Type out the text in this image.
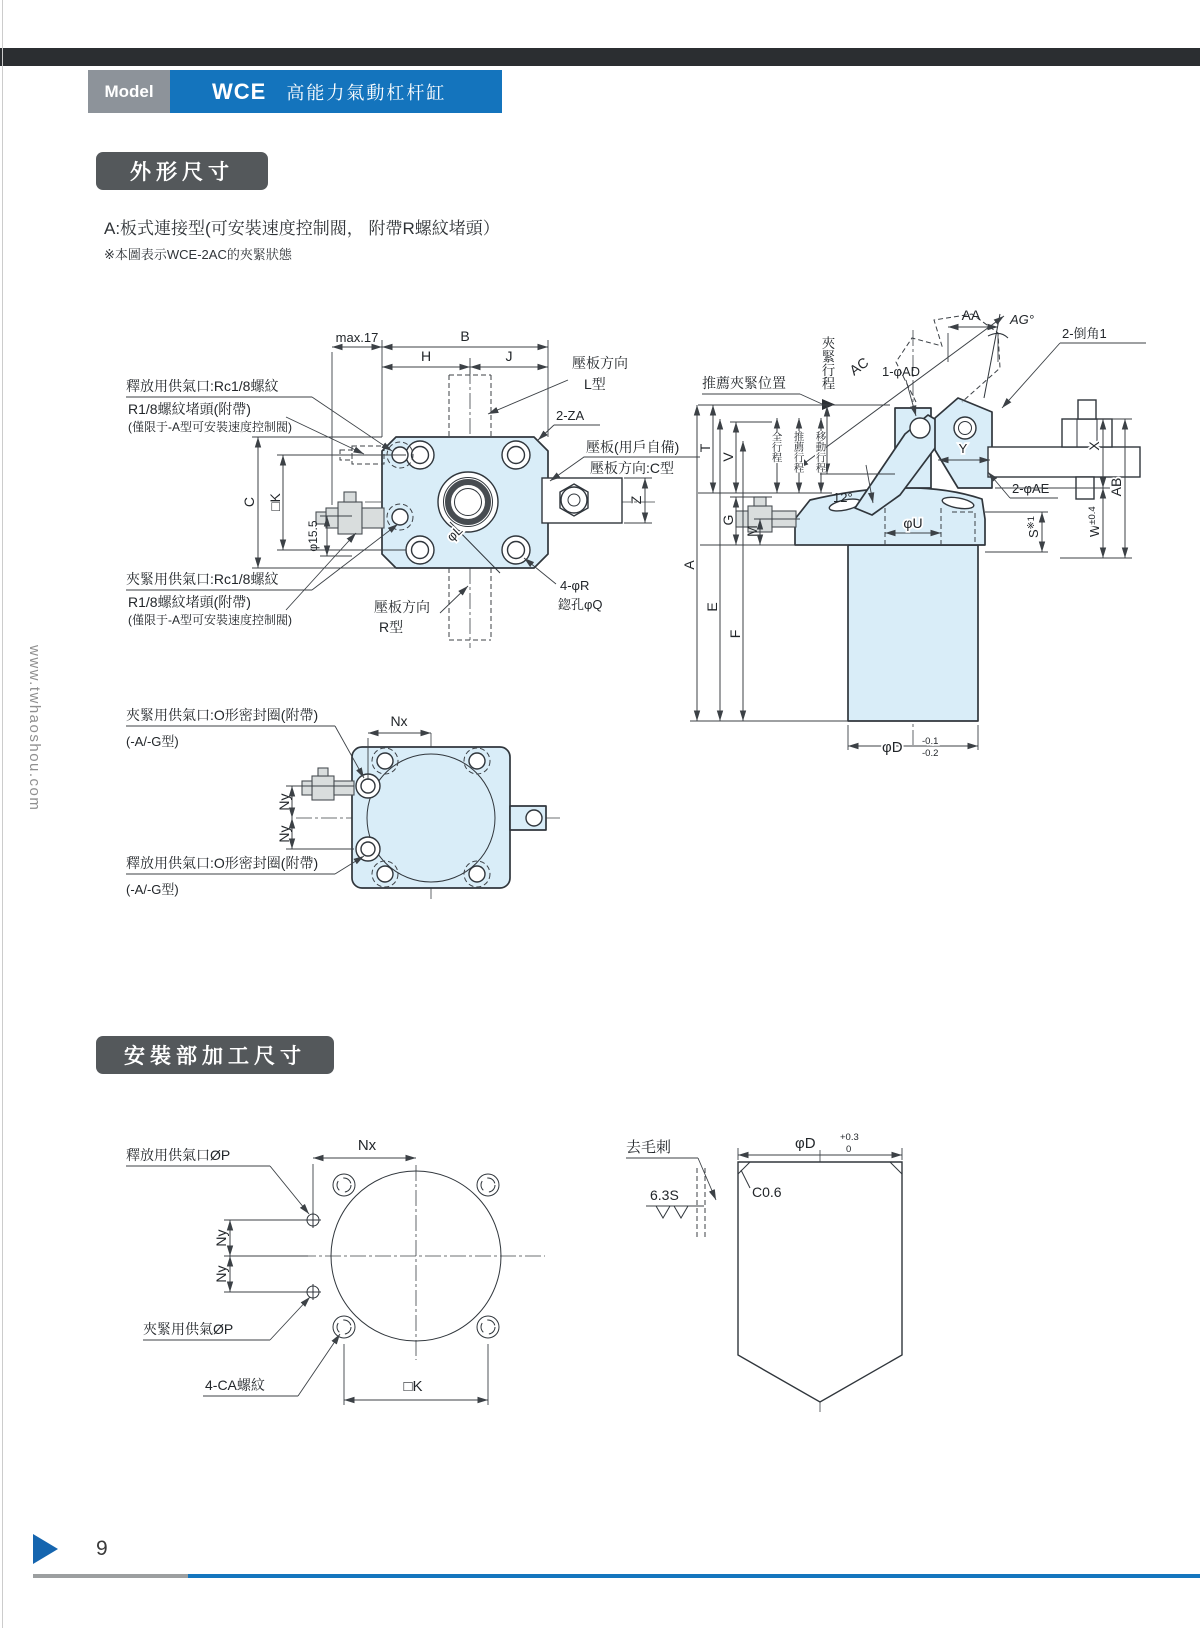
Model	WCE 高能力氣動杠杆缸
外形尺寸
A:板式連接型(可安裝速度控制閥， 附帶R螺紋堵頭）
※本圖表示WCE-2AC的夾緊狀態
www.twhaoshou.com
安裝部加工尺寸
夾緊行程
全行程 推薦行程 移動行程
9
max.17	B
H	J
C □K
φ15.5	φL
Z
壓板方向
L型
2-ZA
壓板(用戶自備)
壓板方向:C型
4-φR
鍃孔φQ
壓板方向
R型
釋放用供氣口:Rc1/8螺紋
R1/8螺紋堵頭(附帶)
(僅限于-A型可安裝速度控制閥)
夾緊用供氣口:Rc1/8螺紋
R1/8螺紋堵頭(附帶)
(僅限于-A型可安裝速度控制閥)
AA AG°
2-倒角1
AC 1-φAD
推薦夾緊位置
T
V
A
E
F
G
M
12°
φU
Y
2-φAE
$S^{※1}$
X
AB
$W^{\pm 0.4}$
φD -0.1
-0.2
Nx
Ny
Ny
夾緊用供氣口:O形密封圈(附帶)
(-A/-G型)
釋放用供氣口:O形密封圈(附帶)
(-A/-G型)
Nx
Ny
Ny
□K
釋放用供氣口ØP
夾緊用供氣ØP
4-CA螺紋
φD	+0.3
0
去毛刺
6.3S	C0.6
